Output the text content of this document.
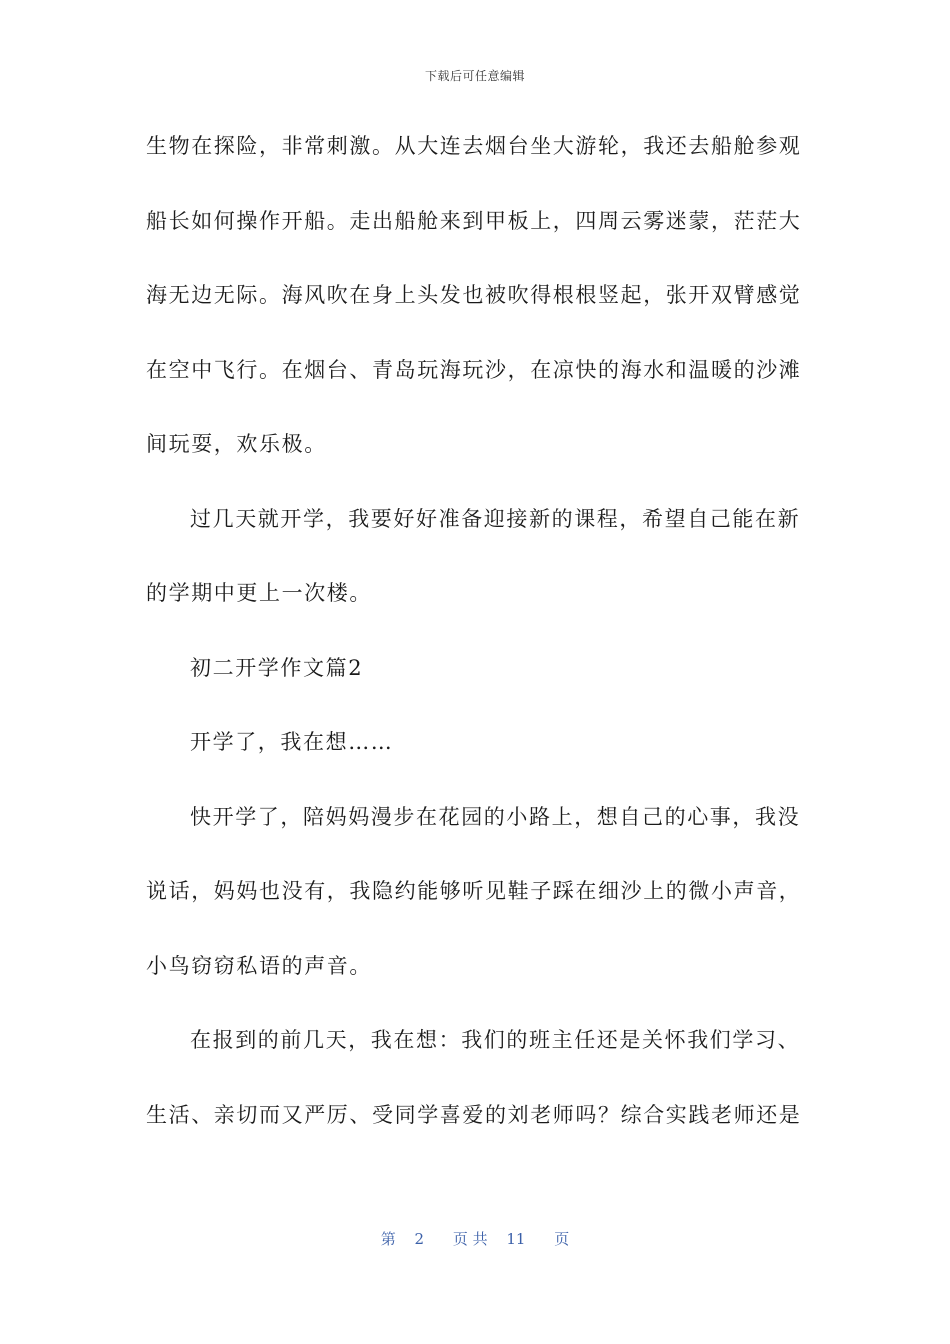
下载后可任意编辑
生物在探险，非常刺激。从大连去烟台坐大游轮，我还去船舱参观
船长如何操作开船。走出船舱来到甲板上，四周云雾迷蒙，茫茫大
海无边无际。海风吹在身上头发也被吹得根根竖起，张开双臂感觉
在空中飞行。在烟台、青岛玩海玩沙，在凉快的海水和温暖的沙滩
间玩耍，欢乐极。
过几天就开学，我要好好准备迎接新的课程，希望自己能在新
的学期中更上一次楼。
初二开学作文篇2
开学了，我在想……
快开学了，陪妈妈漫步在花园的小路上，想自己的心事，我没
说话，妈妈也没有，我隐约能够听见鞋子踩在细沙上的微小声音，
小鸟窃窃私语的声音。
在报到的前几天，我在想：我们的班主任还是关怀我们学习、
生活、亲切而又严厉、受同学喜爱的刘老师吗？综合实践老师还是
第 2 页 共 11 页
